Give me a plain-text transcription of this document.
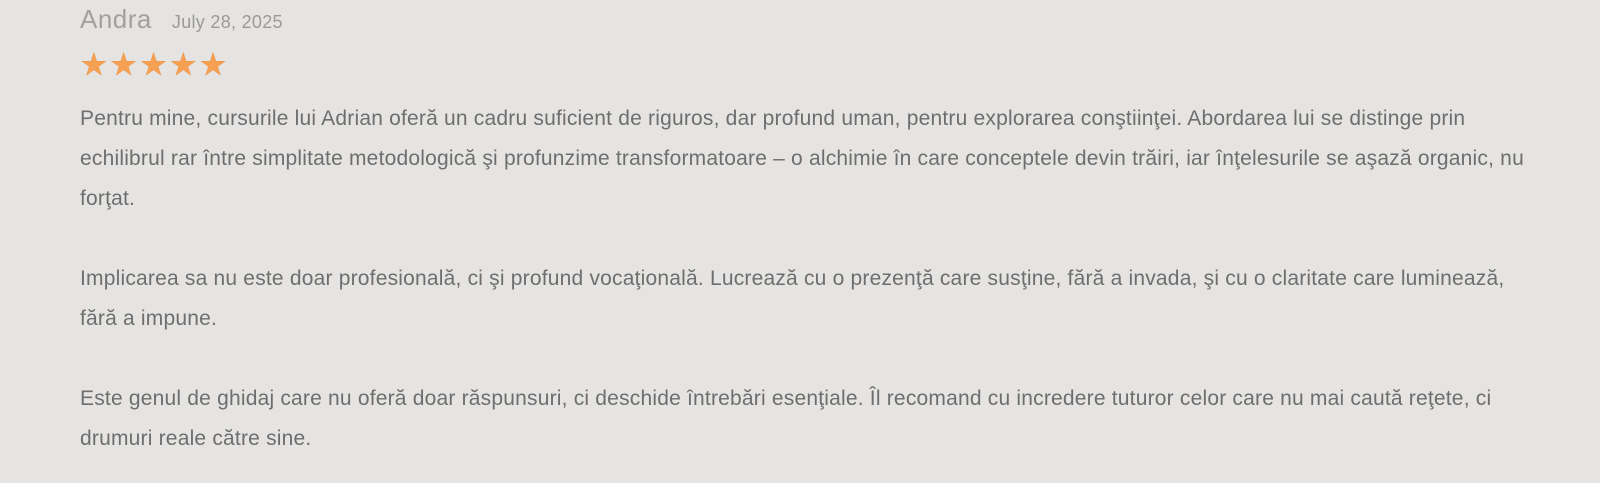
Andra July 28, 2025
★★★★★

Pentru mine, cursurile lui Adrian oferă un cadru suficient de riguros, dar profund uman, pentru explorarea conştiinţei. Abordarea lui se distinge prin echilibrul rar între simplitate metodologică şi profunzime transformatoare – o alchimie în care conceptele devin trăiri, iar înţelesurile se aşază organic, nu forţat.

Implicarea sa nu este doar profesională, ci şi profund vocaţională. Lucrează cu o prezenţă care susţine, fără a invada, şi cu o claritate care luminează, fără a impune.

Este genul de ghidaj care nu oferă doar răspunsuri, ci deschide întrebări esenţiale. Îl recomand cu incredere tuturor celor care nu mai caută reţete, ci drumuri reale către sine.
